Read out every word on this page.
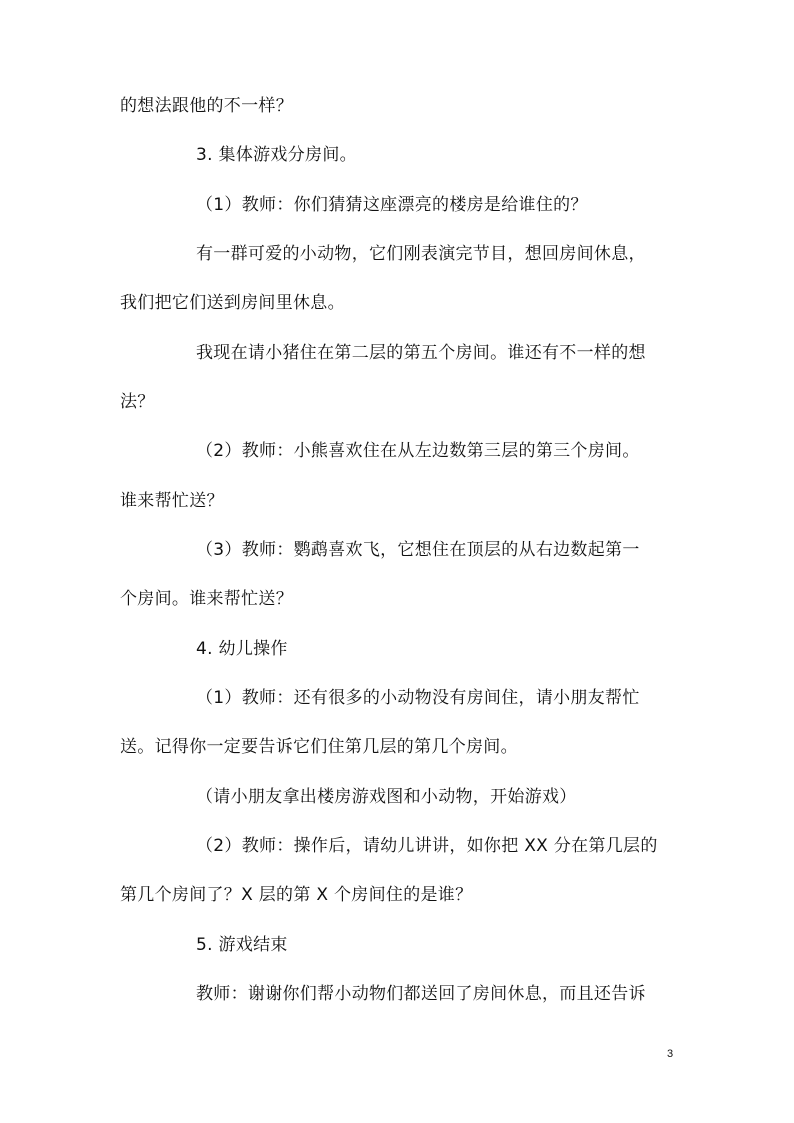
的想法跟他的不一样？
3. 集体游戏分房间。
（1）教师：你们猜猜这座漂亮的楼房是给谁住的？
有一群可爱的小动物，它们刚表演完节目，想回房间休息，
我们把它们送到房间里休息。
我现在请小猪住在第二层的第五个房间。谁还有不一样的想
法？
（2）教师：小熊喜欢住在从左边数第三层的第三个房间。
谁来帮忙送？
（3）教师：鹦鹉喜欢飞，它想住在顶层的从右边数起第一
个房间。谁来帮忙送？
4. 幼儿操作
（1）教师：还有很多的小动物没有房间住，请小朋友帮忙
送。记得你一定要告诉它们住第几层的第几个房间。
（请小朋友拿出楼房游戏图和小动物，开始游戏）
（2）教师：操作后，请幼儿讲讲，如你把 XX 分在第几层的
第几个房间了？X 层的第 X 个房间住的是谁？
5. 游戏结束
教师：谢谢你们帮小动物们都送回了房间休息，而且还告诉
3
